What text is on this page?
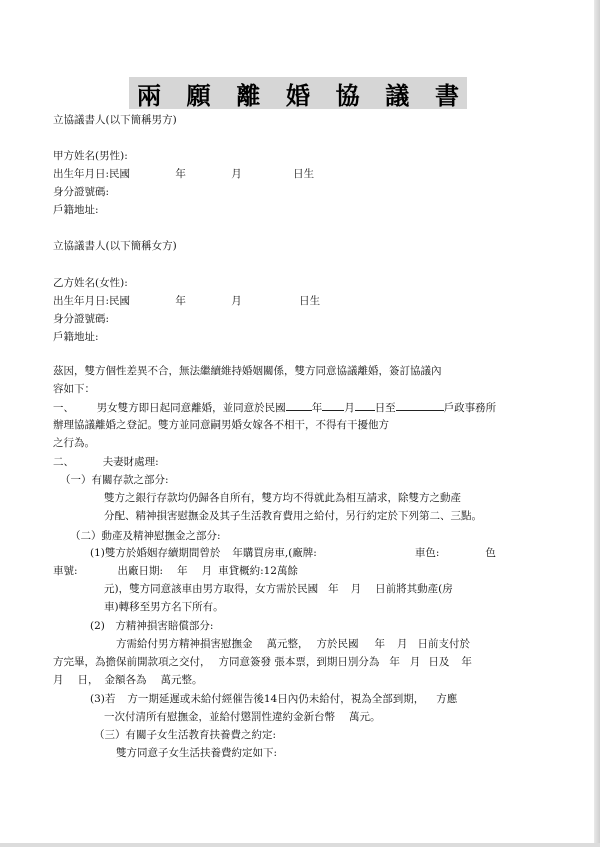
兩 願 離 婚 協 議 書
立協議書人(以下簡稱男方)
甲方姓名(男性):
出生年月日:民國	年	月	日生
身分證號碼:
戶籍地址:
立協議書人(以下簡稱女方)
乙方姓名(女性):
出生年月日:民國	年	月	日生
身分證號碼:
戶籍地址:
茲因，雙方個性差異不合，無法繼續維持婚姻關係，雙方同意協議離婚，簽訂協議內
容如下：
一、 男女雙方即日起同意離婚，並同意於民國 年 月 日至	戶政事務所
辦理協議離婚之登記。雙方並同意嗣男婚女嫁各不相干，不得有干擾他方
之行為。
二、	夫妻財處理:
（一）有關存款之部分:
雙方之銀行存款均仍歸各自所有，雙方均不得就此為相互請求，除雙方之動產
分配、精神損害慰撫金及其子生活教育費用之給付，另行約定於下列第二、三點。
（二）動產及精神慰撫金之部分:
(1)雙方於婚姻存續期間曾於 年購買房車,(廠牌:	車色:	色
車號:	出廠日期: 年 月 車貸概約:12萬餘
元)，雙方同意該車由男方取得，女方需於民國 年 月 日前將其動產(房
車)轉移至男方名下所有。
(2)　方精神損害賠償部分:
方需給付男方精神損害慰撫金 萬元整， 方於民國 年 月 日前支付於
方完畢，為擔保前開款項之交付， 方同意簽發 張本票，到期日別分為 年 月 日及 年
月 日， 金額各為 萬元整。
(3)若 方一期延遲或未給付經催告後14日內仍未給付，視為全部到期， 方應
一次付清所有慰撫金，並給付懲罰性違約金新台幣 萬元。
（三）有關子女生活教育扶養費之約定:
雙方同意子女生活扶養費約定如下:
